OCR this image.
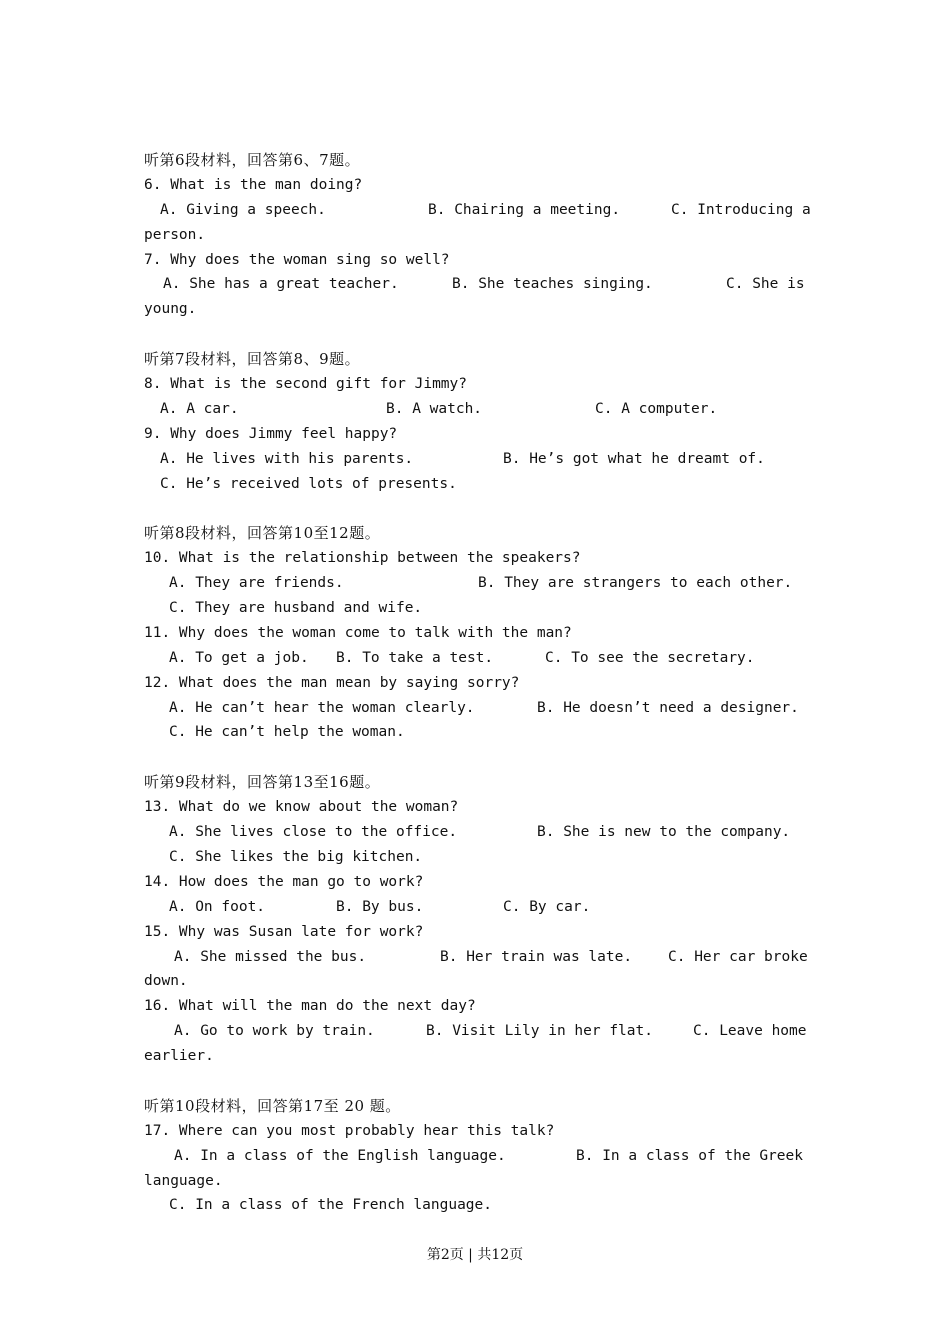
听第6段材料，回答第6、7题。
6. What is the man doing?

A. Giving a speech.

	B. Chairing a meeting.

	C. Introducing a

person.
7. Why does the woman sing so well?

A. She has a great teacher.

	B. She teaches singing.

	C. She is

young.
听第7段材料，回答第8、9题。
8. What is the second gift for Jimmy?

A. A car.

	B. A watch.

	C. A computer.

9. Why does Jimmy feel happy?

A. He lives with his parents.

	B. He’s got what he dreamt of.

C. He’s received lots of presents.

听第8段材料，回答第10至12题。
10. What is the relationship between the speakers?

A. They are friends.

	B. They are strangers to each other.

C. They are husband and wife.

11. Why does the woman come to talk with the man?

A. To get a job.

B. To take a test.

	C. To see the secretary.

12. What does the man mean by saying sorry?

A. He can’t hear the woman clearly.

	B. He doesn’t need a designer.

C. He can’t help the woman.

听第9段材料，回答第13至16题。
13. What do we know about the woman?

A. She lives close to the office.

	B. She is new to the company.

C. She likes the big kitchen.

14. How does the man go to work?

A. On foot.

	B. By bus.

	C. By car.

15. Why was Susan late for work?

A. She missed the bus.

	B. Her train was late.

C. Her car broke

down.
16. What will the man do the next day?

A. Go to work by train.

	B. Visit Lily in her flat.

	C. Leave home

earlier.
听第10段材料，回答第17至 20 题。
17. Where can you most probably hear this talk?

A. In a class of the English language.

	B. In a class of the Greek

language.

C. In a class of the French language.

第2页 | 共12页
